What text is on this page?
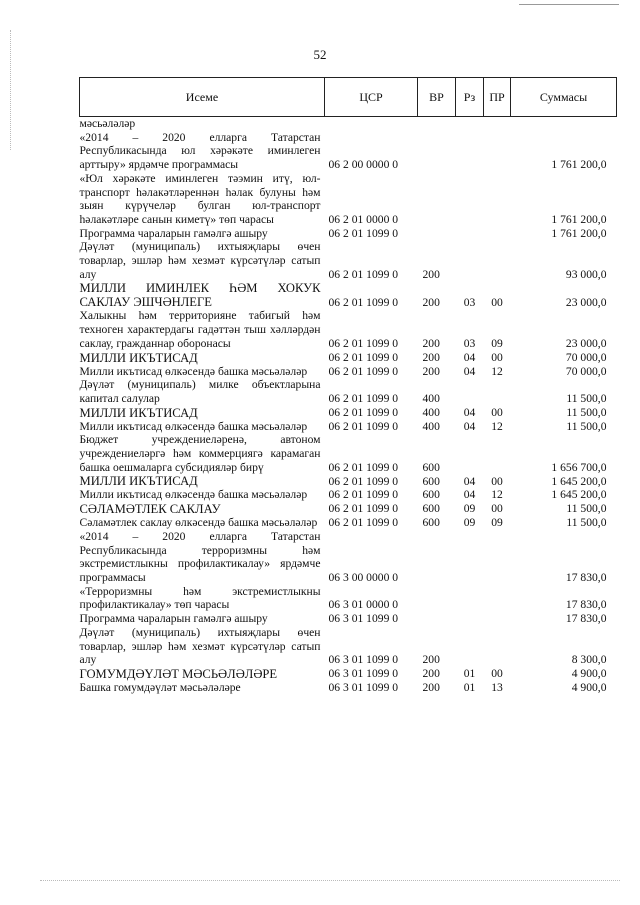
52
Исеме	ЦСР	ВР	Рз	ПР	Суммасы
мәсьәләләр					
«2014 – 2020 елларга Татарстан Республикасында юл хәрәкәте иминлеген арттыру» ярдәмче программасы	06 2 00 0000 0				1 761 200,0
«Юл хәрәкәте иминлеген тәэмин итү, юл-транспорт һәлакәтләреннән һәлак булуны һәм зыян күрүчеләр булган юл-транспорт һәлакәтләре санын киметү» төп чарасы	06 2 01 0000 0				1 761 200,0
Программа чараларын гамәлгә ашыру	06 2 01 1099 0				1 761 200,0
Дәүләт (муниципаль) ихтыяҗлары өчен товарлар, эшләр һәм хезмәт күрсәтүләр сатып алу	06 2 01 1099 0	200			93 000,0
МИЛЛИ ИМИНЛЕК ҺӘМ ХОКУК САКЛАУ ЭШЧӘНЛЕГЕ	06 2 01 1099 0	200	03	00	23 000,0
Халыкны һәм территорияне табигый һәм техноген характердагы гадәттән тыш хәлләрдән саклау, гражданнар оборонасы	06 2 01 1099 0	200	03	09	23 000,0
МИЛЛИ ИКЪТИСАД	06 2 01 1099 0	200	04	00	70 000,0
Милли икътисад өлкәсендә башка мәсьәләләр	06 2 01 1099 0	200	04	12	70 000,0
Дәүләт (муниципаль) милке объектларына капитал салулар	06 2 01 1099 0	400			11 500,0
МИЛЛИ ИКЪТИСАД	06 2 01 1099 0	400	04	00	11 500,0
Милли икътисад өлкәсендә башка мәсьәләләр	06 2 01 1099 0	400	04	12	11 500,0
Бюджет учреждениеләренә, автоном учреждениеләргә һәм коммерциягә карамаган башка оешмаларга субсидияләр бирү	06 2 01 1099 0	600			1 656 700,0
МИЛЛИ ИКЪТИСАД	06 2 01 1099 0	600	04	00	1 645 200,0
Милли икътисад өлкәсендә башка мәсьәләләр	06 2 01 1099 0	600	04	12	1 645 200,0
СӘЛАМӘТЛЕК САКЛАУ	06 2 01 1099 0	600	09	00	11 500,0
Сәламәтлек саклау өлкәсендә башка мәсьәләләр	06 2 01 1099 0	600	09	09	11 500,0
«2014 – 2020 елларга Татарстан Республикасында терроризмны һәм экстремистлыкны профилактикалау» ярдәмче программасы	06 3 00 0000 0				17 830,0
«Терроризмны һәм экстремистлыкны профилактикалау» төп чарасы	06 3 01 0000 0				17 830,0
Программа чараларын гамәлгә ашыру	06 3 01 1099 0				17 830,0
Дәүләт (муниципаль) ихтыяҗлары өчен товарлар, эшләр һәм хезмәт күрсәтүләр сатып алу	06 3 01 1099 0	200			8 300,0
ГОМУМДӘҮЛӘТ МӘСЬӘЛӘЛӘРЕ	06 3 01 1099 0	200	01	00	4 900,0
Башка гомумдәүләт мәсьәләләре	06 3 01 1099 0	200	01	13	4 900,0
